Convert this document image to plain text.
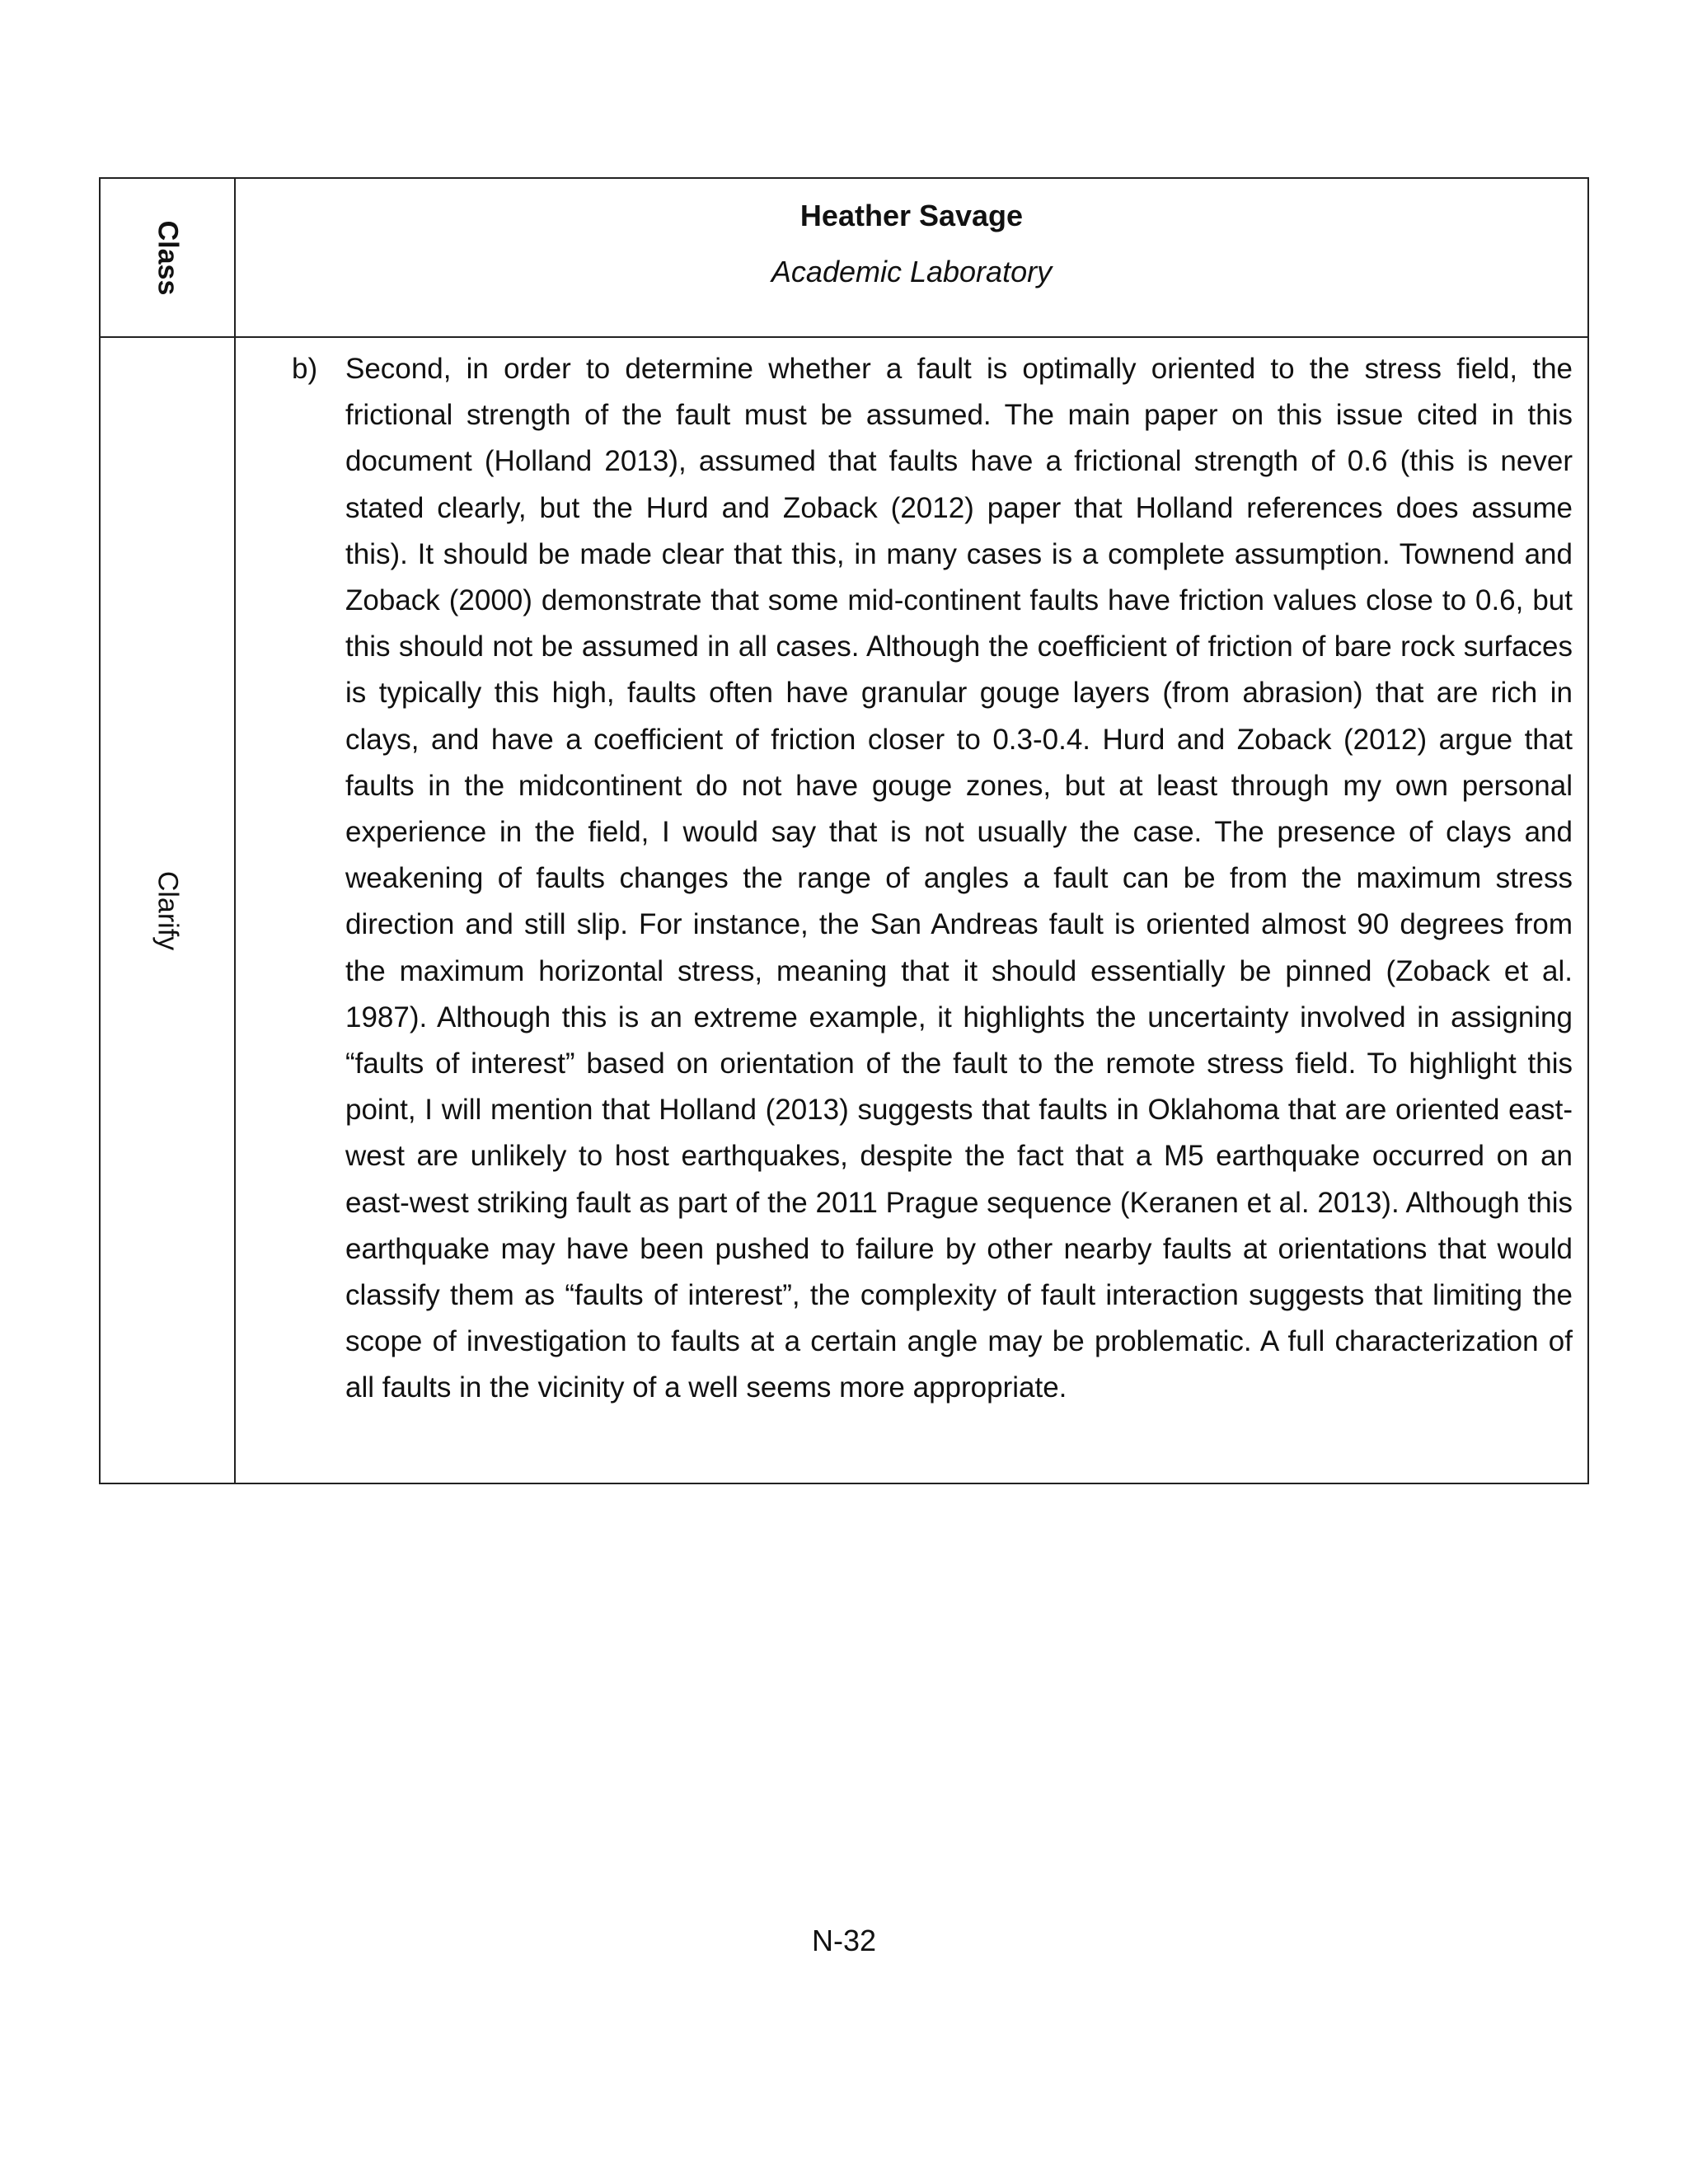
Class	Heather Savage
Academic Laboratory

Clarify	b) Second, in order to determine whether a fault is optimally oriented to the stress field, the frictional strength of the fault must be assumed. The main paper on this issue cited in this document (Holland 2013), assumed that faults have a frictional strength of 0.6 (this is never stated clearly, but the Hurd and Zoback (2012) paper that Holland references does assume this). It should be made clear that this, in many cases is a complete assumption. Townend and Zoback (2000) demonstrate that some mid-continent faults have friction values close to 0.6, but this should not be assumed in all cases. Although the coefficient of friction of bare rock surfaces is typically this high, faults often have granular gouge layers (from abrasion) that are rich in clays, and have a coefficient of friction closer to 0.3-0.4. Hurd and Zoback (2012) argue that faults in the midcontinent do not have gouge zones, but at least through my own personal experience in the field, I would say that is not usually the case. The presence of clays and weakening of faults changes the range of angles a fault can be from the maximum stress direction and still slip. For instance, the San Andreas fault is oriented almost 90 degrees from the maximum horizontal stress, meaning that it should essentially be pinned (Zoback et al. 1987). Although this is an extreme example, it highlights the uncertainty involved in assigning “faults of interest” based on orientation of the fault to the remote stress field. To highlight this point, I will mention that Holland (2013) suggests that faults in Oklahoma that are oriented east-west are unlikely to host earthquakes, despite the fact that a M5 earthquake occurred on an east-west striking fault as part of the 2011 Prague sequence (Keranen et al. 2013). Although this earthquake may have been pushed to failure by other nearby faults at orientations that would classify them as “faults of interest”, the complexity of fault interaction suggests that limiting the scope of investigation to faults at a certain angle may be problematic. A full characterization of all faults in the vicinity of a well seems more appropriate.

N-32
